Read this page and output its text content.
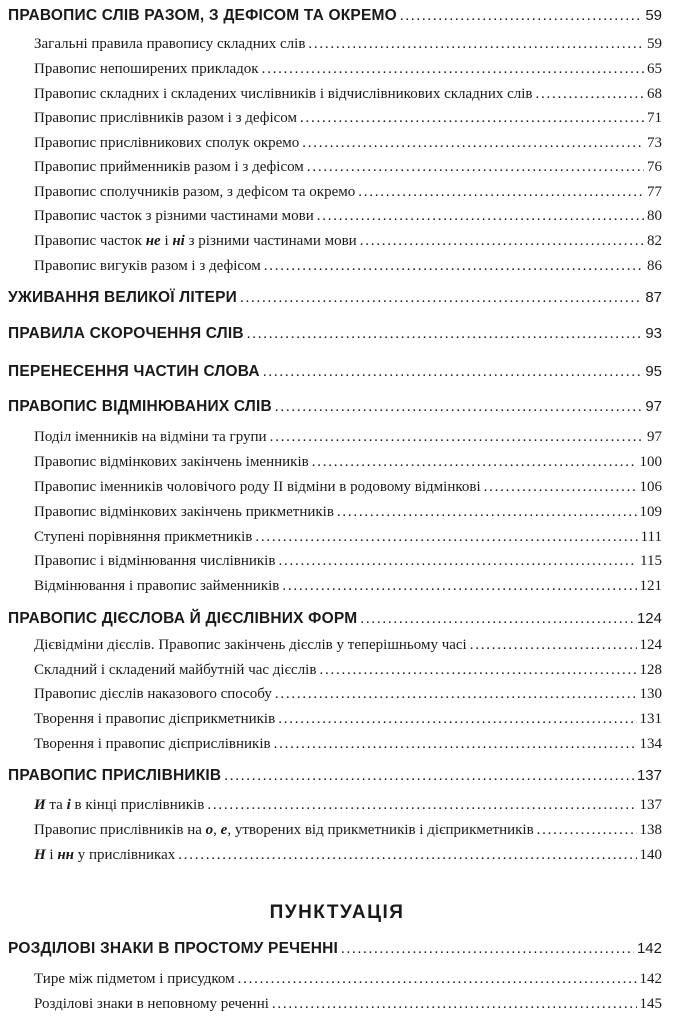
ПРАВОПИС СЛІВ РАЗОМ, З ДЕФІСОМ ТА ОКРЕМО . . .	59
Загальні правила правопису складних слів . . .	59
Правопис непоширених прикладок . . .	65
Правопис складних і складених числівників і відчислівникових складних слів . . .	68
Правопис прислівників разом і з дефісом . . .	71
Правопис прислівникових сполук окремо . . .	73
Правопис прийменників разом і з дефісом . . .	76
Правопис сполучників разом, з дефісом та окремо . . .	77
Правопис часток з різними частинами мови . . .	80
Правопис часток не і ні з різними частинами мови . . .	82
Правопис вигуків разом і з дефісом . . .	86
УЖИВАННЯ ВЕЛИКОЇ ЛІТЕРИ . . .	87
ПРАВИЛА СКОРОЧЕННЯ СЛІВ . . .	93
ПЕРЕНЕСЕННЯ ЧАСТИН СЛОВА . . .	95
ПРАВОПИС ВІДМІНЮВАНИХ СЛІВ . . .	97
Поділ іменників на відміни та групи . . .	97
Правопис відмінкових закінчень іменників . . .	100
Правопис іменників чоловічого роду II відміни в родовому відмінкові . . .	106
Правопис відмінкових закінчень прикметників . . .	109
Ступені порівняння прикметників . . .	111
Правопис і відмінювання числівників . . .	115
Відмінювання і правопис займенників . . .	121
ПРАВОПИС ДІЄСЛОВА Й ДІЄСЛІВНИХ ФОРМ . . .	124
Дієвідміни дієслів. Правопис закінчень дієслів у теперішньому часі . . .	124
Складний і складений майбутній час дієслів . . .	128
Правопис дієслів наказового способу . . .	130
Творення і правопис дієприкметників . . .	131
Творення і правопис дієприслівників . . .	134
ПРАВОПИС ПРИСЛІВНИКІВ . . .	137
И та і в кінці прислівників . . .	137
Правопис прислівників на о, е, утворених від прикметників і дієприкметників . . .	138
Н і нн у прислівниках . . .	140
ПУНКТУАЦІЯ
РОЗДІЛОВІ ЗНАКИ В ПРОСТОМУ РЕЧЕННІ . . .	142
Тире між підметом і присудком . . .	142
Розділові знаки в неповному реченні . . .	145
